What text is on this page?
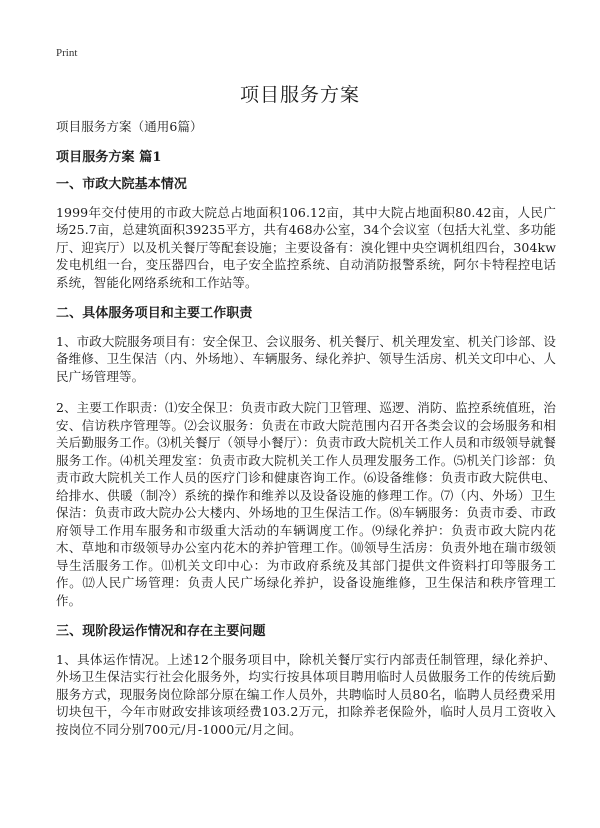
Print
项目服务方案

项目服务方案（通用6篇）

项目服务方案 篇1

一、市政大院基本情况

1999年交付使用的市政大院总占地面积106.12亩，其中大院占地面积80.42亩，人民广场25.7亩，总建筑面积39235平方，共有468办公室，34个会议室（包括大礼堂、多功能厅、迎宾厅）以及机关餐厅等配套设施；主要设备有：溴化锂中央空调机组四台，304kw发电机组一台，变压器四台，电子安全监控系统、自动消防报警系统，阿尔卡特程控电话系统，智能化网络系统和工作站等。

二、具体服务项目和主要工作职责

1、市政大院服务项目有：安全保卫、会议服务、机关餐厅、机关理发室、机关门诊部、设备维修、卫生保洁（内、外场地）、车辆服务、绿化养护、领导生活房、机关文印中心、人民广场管理等。

2、主要工作职责：⑴安全保卫：负责市政大院门卫管理、巡逻、消防、监控系统值班，治安、信访秩序管理等。⑵会议服务：负责在市政大院范围内召开各类会议的会场服务和相关后勤服务工作。⑶机关餐厅（领导小餐厅）：负责市政大院机关工作人员和市级领导就餐服务工作。⑷机关理发室：负责市政大院机关工作人员理发服务工作。⑸机关门诊部：负责市政大院机关工作人员的医疗门诊和健康咨询工作。⑹设备维修：负责市政大院供电、给排水、供暖（制冷）系统的操作和维养以及设备设施的修理工作。⑺（内、外场）卫生保洁：负责市政大院办公大楼内、外场地的卫生保洁工作。⑻车辆服务：负责市委、市政府领导工作用车服务和市级重大活动的车辆调度工作。⑼绿化养护：负责市政大院内花木、草地和市级领导办公室内花木的养护管理工作。⑽领导生活房：负责外地在瑞市级领导生活服务工作。⑾机关文印中心：为市政府系统及其部门提供文件资料打印等服务工作。⑿人民广场管理：负责人民广场绿化养护，设备设施维修，卫生保洁和秩序管理工作。

三、现阶段运作情况和存在主要问题

1、具体运作情况。上述12个服务项目中，除机关餐厅实行内部责任制管理，绿化养护、外场卫生保洁实行社会化服务外，均实行按具体项目聘用临时人员做服务工作的传统后勤服务方式，现服务岗位除部分原在编工作人员外，共聘临时人员80名，临聘人员经费采用切块包干，今年市财政安排该项经费103.2万元，扣除养老保险外，临时人员月工资收入按岗位不同分别700元/月-1000元/月之间。
